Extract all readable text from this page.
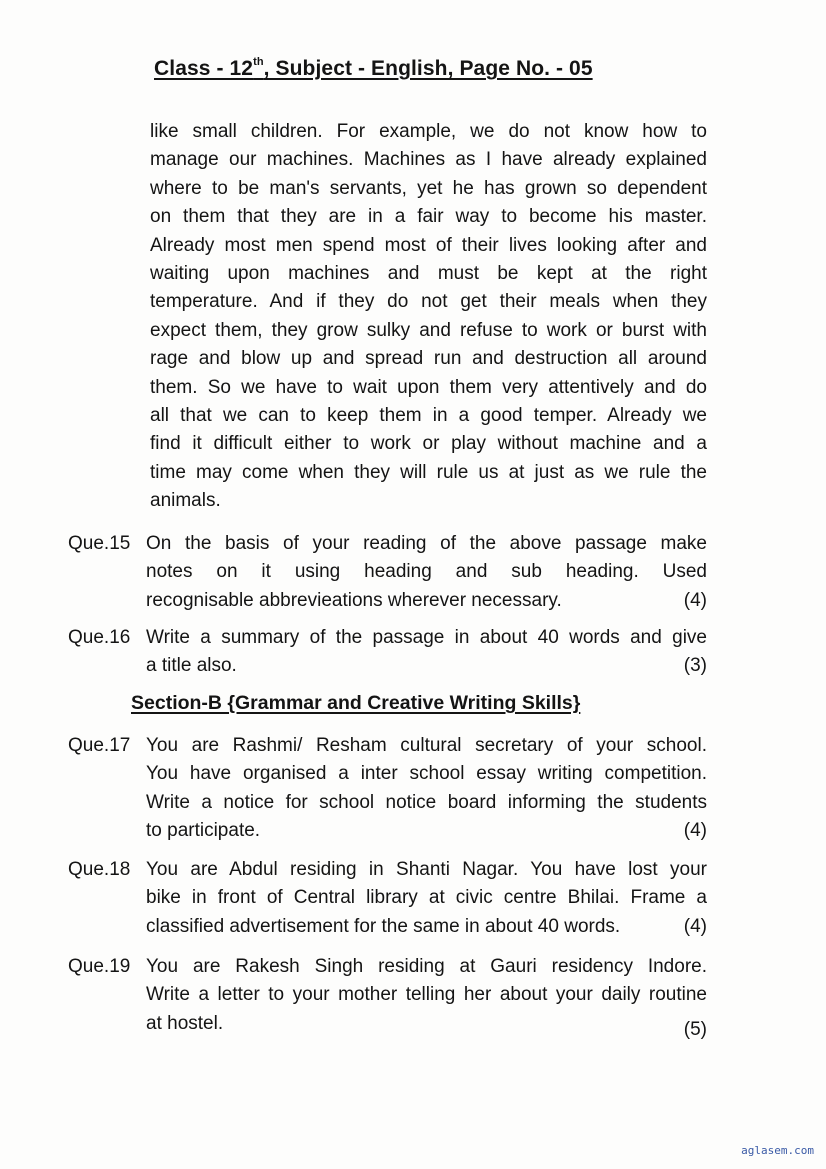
Class - 12th, Subject - English, Page No. - 05
like small children. For example, we do not know how to
manage our machines. Machines as I have already explained
where to be man's servants, yet he has grown so dependent
on them that they are in a fair way to become his master.
Already most men spend most of their lives looking after and
waiting upon machines and must be kept at the right
temperature. And if they do not get their meals when they
expect them, they grow sulky and refuse to work or burst with
rage and blow up and spread run and destruction all around
them. So we have to wait upon them very attentively and do
all that we can to keep them in a good temper. Already we
find it difficult either to work or play without machine and a
time may come when they will rule us at just as we rule the
animals.
Que.15 On the basis of your reading of the above passage make
notes on it using heading and sub heading. Used
recognisable abbrevieations wherever necessary.	(4)
Que.16 Write a summary of the passage in about 40 words and give
a title also.	(3)
Section-B {Grammar and Creative Writing Skills}
Que.17 You are Rashmi/ Resham cultural secretary of your school.
You have organised a inter school essay writing competition.
Write a notice for school notice board informing the students
to participate.	(4)
Que.18 You are Abdul residing in Shanti Nagar. You have lost your
bike in front of Central library at civic centre Bhilai. Frame a
classified advertisement for the same in about 40 words.	(4)
Que.19 You are Rakesh Singh residing at Gauri residency Indore.
Write a letter to your mother telling her about your daily routine
at hostel.	(5)
aglasem.com
